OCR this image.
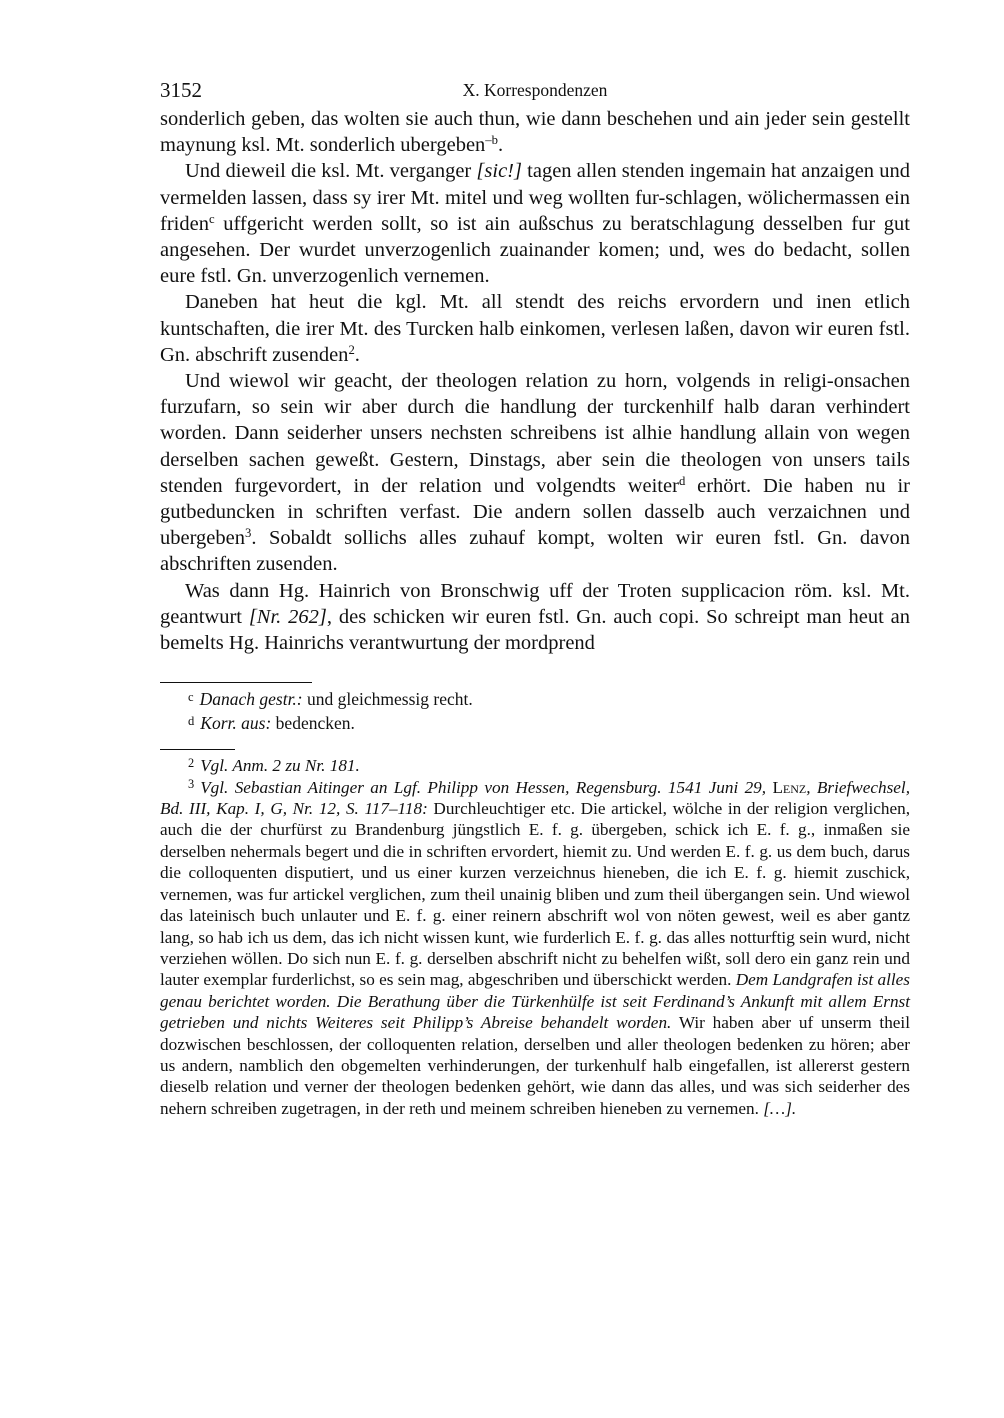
3152	X. Korrespondenzen

sonderlich geben, das wolten sie auch thun, wie dann beschehen und ain jeder sein gestellt maynung ksl. Mt. sonderlich ubergeben$^{-b}$.

Und dieweil die ksl. Mt. verganger [sic!] tagen allen stenden ingemain hat anzaigen und vermelden lassen, dass sy irer Mt. mitel und weg wollten fur-schlagen, wölichermassen ein friden$^c$ uffgericht werden sollt, so ist ain außschus zu beratschlagung desselben fur gut angesehen. Der wurdet unverzogenlich zuainander komen; und, wes do bedacht, sollen eure fstl. Gn. unverzogenlich vernemen.

Daneben hat heut die kgl. Mt. all stendt des reichs ervordern und inen etlich kuntschaften, die irer Mt. des Turcken halb einkomen, verlesen laßen, davon wir euren fstl. Gn. abschrift zusenden$^2$.

Und wiewol wir geacht, der theologen relation zu horn, volgends in religi-onsachen furzufarn, so sein wir aber durch die handlung der turckenhilf halb daran verhindert worden. Dann seiderher unsers nechsten schreibens ist alhie handlung allain von wegen derselben sachen geweßt. Gestern, Dinstags, aber sein die theologen von unsers tails stenden furgevordert, in der relation und volgendts weiter$^d$ erhört. Die haben nu ir gutbeduncken in schriften verfast. Die andern sollen dasselb auch verzaichnen und ubergeben$^3$. Sobaldt sollichs alles zuhauf kompt, wolten wir euren fstl. Gn. davon abschriften zusenden.

Was dann Hg. Hainrich von Bronschwig uff der Troten supplicacion röm. ksl. Mt. geantwurt [Nr. 262], des schicken wir euren fstl. Gn. auch copi. So schreipt man heut an bemelts Hg. Hainrichs verantwurtung der mordprend

$^c$ Danach gestr.: und gleichmessig recht.

$^d$ Korr. aus: bedencken.

$^2$ Vgl. Anm. 2 zu Nr. 181.

$^3$ Vgl. Sebastian Aitinger an Lgf. Philipp von Hessen, Regensburg. 1541 Juni 29, Lenz, Briefwechsel, Bd. III, Kap. I, G, Nr. 12, S. 117–118: Durchleuchtiger etc. Die artickel, wölche in der religion verglichen, auch die der churfürst zu Brandenburg jüngstlich E. f. g. übergeben, schick ich E. f. g., inmaßen sie derselben nehermals begert und die in schriften ervordert, hiemit zu. Und werden E. f. g. us dem buch, darus die colloquenten disputiert, und us einer kurzen verzeichnus hieneben, die ich E. f. g. hiemit zuschick, vernemen, was fur artickel verglichen, zum theil unainig bliben und zum theil übergangen sein. Und wiewol das lateinisch buch unlauter und E. f. g. einer reinern abschrift wol von nöten gewest, weil es aber gantz lang, so hab ich us dem, das ich nicht wissen kunt, wie furderlich E. f. g. das alles notturftig sein wurd, nicht verziehen wöllen. Do sich nun E. f. g. derselben abschrift nicht zu behelfen wißt, soll dero ein ganz rein und lauter exemplar furderlichst, so es sein mag, abgeschriben und überschickt werden. Dem Landgrafen ist alles genau berichtet worden. Die Berathung über die Türkenhülfe ist seit Ferdinand’s Ankunft mit allem Ernst getrieben und nichts Weiteres seit Philipp’s Abreise behandelt worden. Wir haben aber uf unserm theil dozwischen beschlossen, der colloquenten relation, derselben und aller theologen bedenken zu hören; aber us andern, namblich den obgemelten verhinderungen, der turkenhulf halb eingefallen, ist allererst gestern dieselb relation und verner der theologen bedenken gehört, wie dann das alles, und was sich seiderher des nehern schreiben zugetragen, in der reth und meinem schreiben hieneben zu vernemen. […].
